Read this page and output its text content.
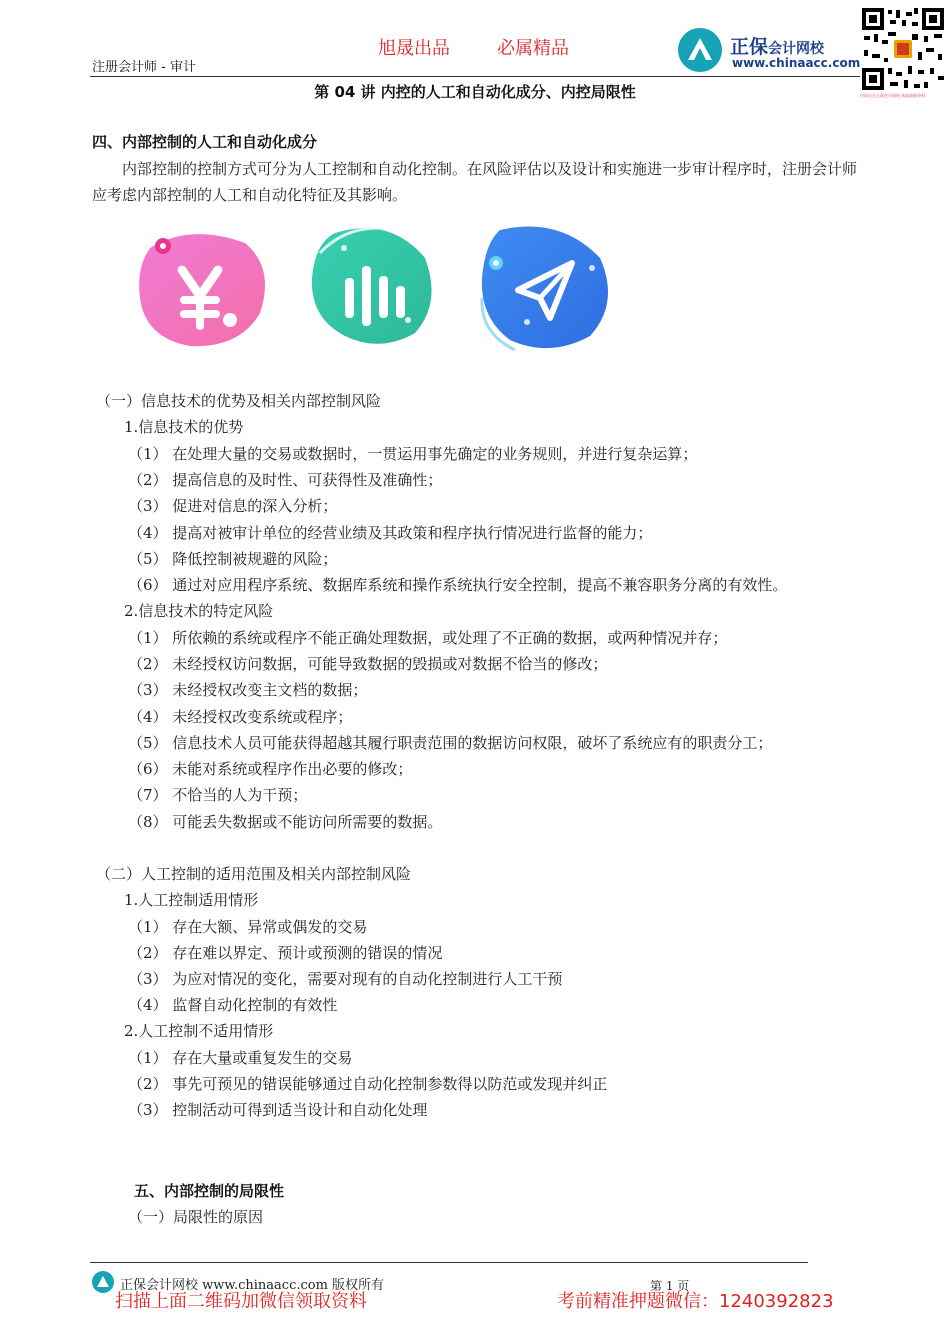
注册会计师 - 审计
旭晟出品	必属精品	正保会计网校
www.chinaacc.com
扫码关注正保会计网校 获取最新资料
第 04 讲 内控的人工和自动化成分、内控局限性
四、内部控制的人工和自动化成分
内部控制的控制方式可分为人工控制和自动化控制。在风险评估以及设计和实施进一步审计程序时，注册会计师应考虑内部控制的人工和自动化特征及其影响。
（一）信息技术的优势及相关内部控制风险
1.信息技术的优势
（1） 在处理大量的交易或数据时，一贯运用事先确定的业务规则，并进行复杂运算；
（2） 提高信息的及时性、可获得性及准确性；
（3） 促进对信息的深入分析；
（4） 提高对被审计单位的经营业绩及其政策和程序执行情况进行监督的能力；
（5） 降低控制被规避的风险；
（6） 通过对应用程序系统、数据库系统和操作系统执行安全控制，提高不兼容职务分离的有效性。
2.信息技术的特定风险
（1） 所依赖的系统或程序不能正确处理数据，或处理了不正确的数据，或两种情况并存；
（2） 未经授权访问数据，可能导致数据的毁损或对数据不恰当的修改；
（3） 未经授权改变主文档的数据；
（4） 未经授权改变系统或程序；
（5） 信息技术人员可能获得超越其履行职责范围的数据访问权限，破坏了系统应有的职责分工；
（6） 未能对系统或程序作出必要的修改；
（7） 不恰当的人为干预；
（8） 可能丢失数据或不能访问所需要的数据。
（二）人工控制的适用范围及相关内部控制风险
1.人工控制适用情形
（1） 存在大额、异常或偶发的交易
（2） 存在难以界定、预计或预测的错误的情况
（3） 为应对情况的变化，需要对现有的自动化控制进行人工干预
（4） 监督自动化控制的有效性
2.人工控制不适用情形
（1） 存在大量或重复发生的交易
（2） 事先可预见的错误能够通过自动化控制参数得以防范或发现并纠正
（3） 控制活动可得到适当设计和自动化处理
五、内部控制的局限性
（一）局限性的原因
正保会计网校 www.chinaacc.com 版权所有	第 1 页
扫描上面二维码加微信领取资料	考前精准押题微信：1240392823
